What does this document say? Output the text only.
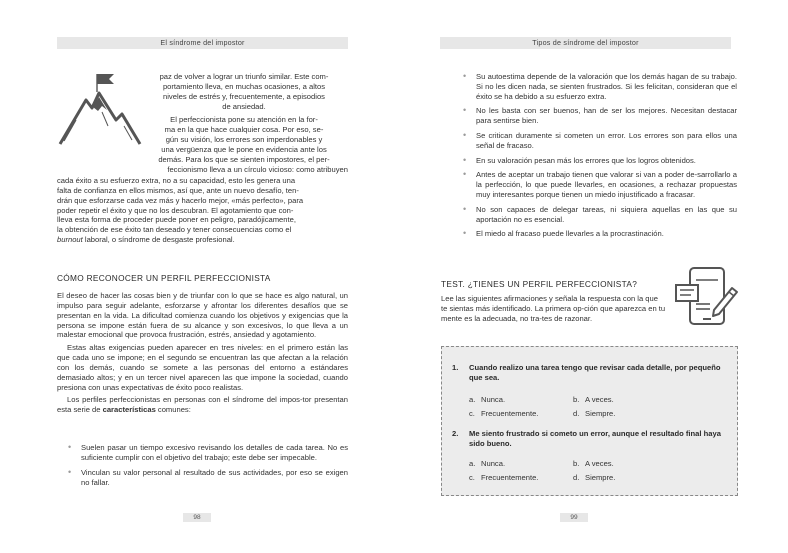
El síndrome del impostor
paz de volver a lograr un triunfo similar. Este com-
portamiento lleva, en muchas ocasiones, a altos
niveles de estrés y, frecuentemente, a episodios
de ansiedad.
El perfeccionista pone su atención en la for-
ma en la que hace cualquier cosa. Por eso, se-
gún su visión, los errores son imperdonables y
una vergüenza que le pone en evidencia ante los
demás. Para los que se sienten impostores, el per-
feccionismo lleva a un círculo vicioso: como atribuyen
cada éxito a su esfuerzo extra, no a su capacidad, esto les genera una
falta de confianza en ellos mismos, así que, ante un nuevo desafío, ten-
drán que esforzarse cada vez más y hacerlo mejor, «más perfecto», para
poder repetir el éxito y que no los descubran. El agotamiento que con-
lleva esta forma de proceder puede poner en peligro, paradójicamente,
la obtención de ese éxito tan deseado y tener consecuencias como el
burnout laboral, o síndrome de desgaste profesional.
CÓMO RECONOCER UN PERFIL PERFECCIONISTA

El deseo de hacer las cosas bien y de triunfar con lo que se hace es algo natural, un impulso para seguir adelante, esforzarse y afrontar los diferentes desafíos que se presentan en la vida. La dificultad comienza cuando los objetivos y exigencias que la persona se impone están fuera de su alcance y son excesivos, lo que lleva a un malestar emocional que provoca frustración, estrés, ansiedad y agotamiento.

Estas altas exigencias pueden aparecer en tres niveles: en el primero están las que cada uno se impone; en el segundo se encuentran las que afectan a la relación con los demás, cuando se somete a las personas del entorno a estándares demasiado altos; y en un tercer nivel aparecen las que impone la sociedad, cuando presiona con unas expectativas de éxito poco realistas.

Los perfiles perfeccionistas en personas con el síndrome del impos-tor presentan esta serie de características comunes:

• Suelen pasar un tiempo excesivo revisando los detalles de cada tarea. No es suficiente cumplir con el objetivo del trabajo; este debe ser impecable.
• Vinculan su valor personal al resultado de sus actividades, por eso se exigen no fallar.
98
Tipos de síndrome del impostor
99
• Su autoestima depende de la valoración que los demás hagan de su trabajo. Si no les dicen nada, se sienten frustrados. Si les felicitan, consideran que el éxito se ha debido a su esfuerzo extra.
• No les basta con ser buenos, han de ser los mejores. Necesitan destacar para sentirse bien.
• Se critican duramente si cometen un error. Los errores son para ellos una señal de fracaso.
• En su valoración pesan más los errores que los logros obtenidos.
• Antes de aceptar un trabajo tienen que valorar si van a poder de-sarrollarlo a la perfección, lo que puede llevarles, en ocasiones, a rechazar propuestas muy interesantes porque tienen un miedo injustificado a fracasar.
• No son capaces de delegar tareas, ni siquiera aquellas en las que su aportación no es esencial.
• El miedo al fracaso puede llevarles a la procrastinación.
TEST. ¿TIENES UN PERFIL PERFECCIONISTA?
Lee las siguientes afirmaciones y señala la respuesta con la que te sientas más identificado. La primera op-ción que aparezca en tu mente es la adecuada, no tra-tes de razonar.
1.	Cuando realizo una tarea tengo que revisar cada detalle, por pequeño que sea.
a. Nunca.	b. A veces.
c. Frecuentemente.	d. Siempre.
2.	Me siento frustrado si cometo un error, aunque el resultado final haya sido bueno.
a. Nunca.	b. A veces.
c. Frecuentemente.	d. Siempre.
